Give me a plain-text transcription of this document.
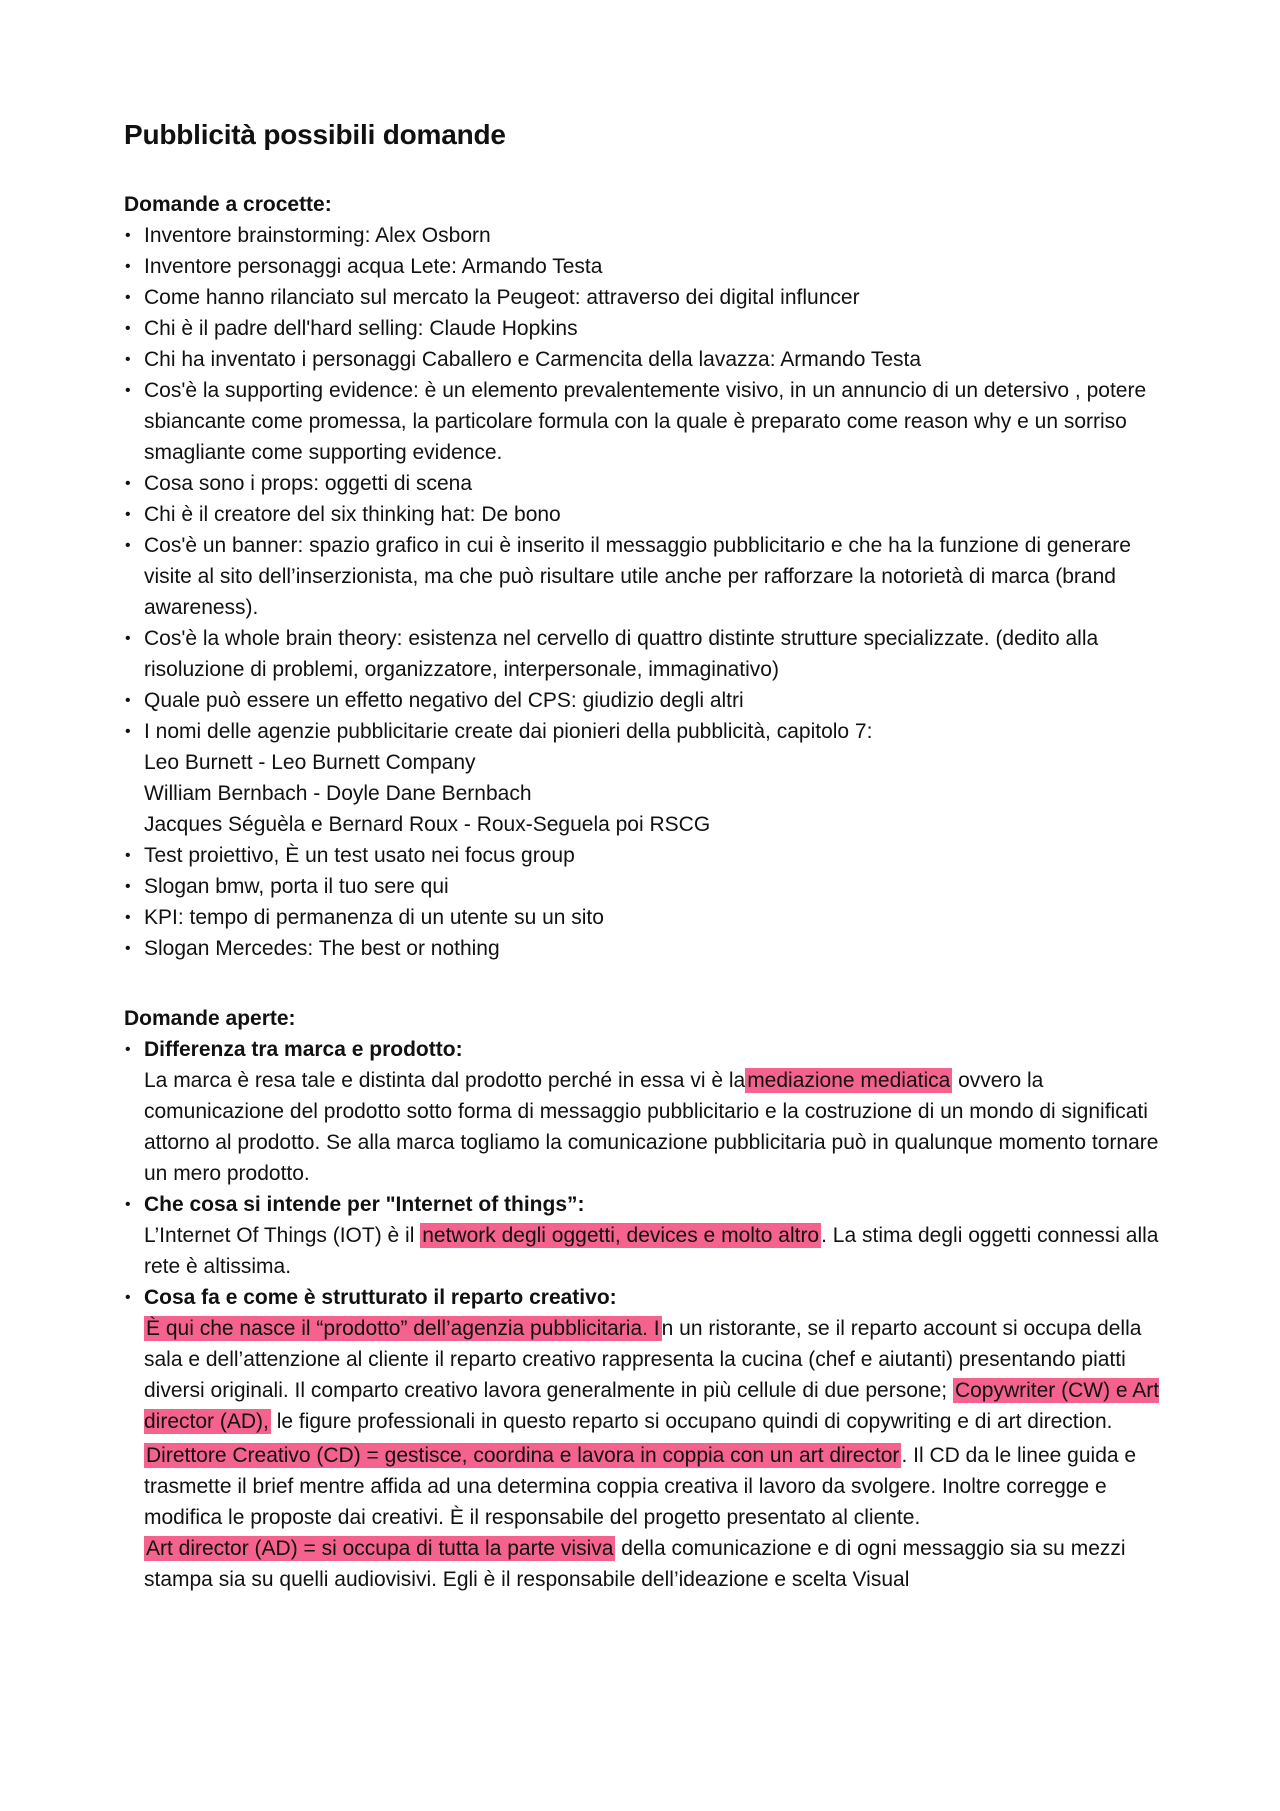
Pubblicità possibili domande

Domande a crocette:

• Inventore brainstorming: Alex Osborn
• Inventore personaggi acqua Lete: Armando Testa
• Come hanno rilanciato sul mercato la Peugeot: attraverso dei digital influncer
• Chi è il padre dell'hard selling: Claude Hopkins
• Chi ha inventato i personaggi Caballero e Carmencita della lavazza: Armando Testa
• Cos'è la supporting evidence: è un elemento prevalentemente visivo, in un annuncio di un detersivo , potere sbiancante come promessa, la particolare formula con la quale è preparato come reason why e un sorriso smagliante come supporting evidence.
• Cosa sono i props: oggetti di scena
• Chi è il creatore del six thinking hat: De bono
• Cos'è un banner: spazio grafico in cui è inserito il messaggio pubblicitario e che ha la funzione di generare visite al sito dell’inserzionista, ma che può risultare utile anche per rafforzare la notorietà di marca (brand awareness).
• Cos'è la whole brain theory: esistenza nel cervello di quattro distinte strutture specializzate. (dedito alla risoluzione di problemi, organizzatore, interpersonale, immaginativo)
• Quale può essere un effetto negativo del CPS: giudizio degli altri
• I nomi delle agenzie pubblicitarie create dai pionieri della pubblicità, capitolo 7:
Leo Burnett - Leo Burnett Company
William Bernbach - Doyle Dane Bernbach
Jacques Séguèla e Bernard Roux - Roux-Seguela poi RSCG
• Test proiettivo, È un test usato nei focus group
• Slogan bmw, porta il tuo sere qui
• KPI: tempo di permanenza di un utente su un sito
• Slogan Mercedes: The best or nothing

Domande aperte:

• Differenza tra marca e prodotto:
La marca è resa tale e distinta dal prodotto perché in essa vi è lamediazione mediatica ovvero la comunicazione del prodotto sotto forma di messaggio pubblicitario e la costruzione di un mondo di significati attorno al prodotto. Se alla marca togliamo la comunicazione pubblicitaria può in qualunque momento tornare un mero prodotto.
• Che cosa si intende per "Internet of things”:
L’Internet Of Things (IOT) è il network degli oggetti, devices e molto altro. La stima degli oggetti connessi alla rete è altissima.
• Cosa fa e come è strutturato il reparto creativo:
È qui che nasce il “prodotto” dell’agenzia pubblicitaria. In un ristorante, se il reparto account si occupa della sala e dell’attenzione al cliente il reparto creativo rappresenta la cucina (chef e aiutanti) presentando piatti diversi originali. Il comparto creativo lavora generalmente in più cellule di due persone; Copywriter (CW) e Art director (AD), le figure professionali in questo reparto si occupano quindi di copywriting e di art direction.
Direttore Creativo (CD) = gestisce, coordina e lavora in coppia con un art director. Il CD da le linee guida e trasmette il brief mentre affida ad una determina coppia creativa il lavoro da svolgere. Inoltre corregge e modifica le proposte dai creativi. È il responsabile del progetto presentato al cliente.
Art director (AD) = si occupa di tutta la parte visiva della comunicazione e di ogni messaggio sia su mezzi stampa sia su quelli audiovisivi. Egli è il responsabile dell’ideazione e scelta Visual
